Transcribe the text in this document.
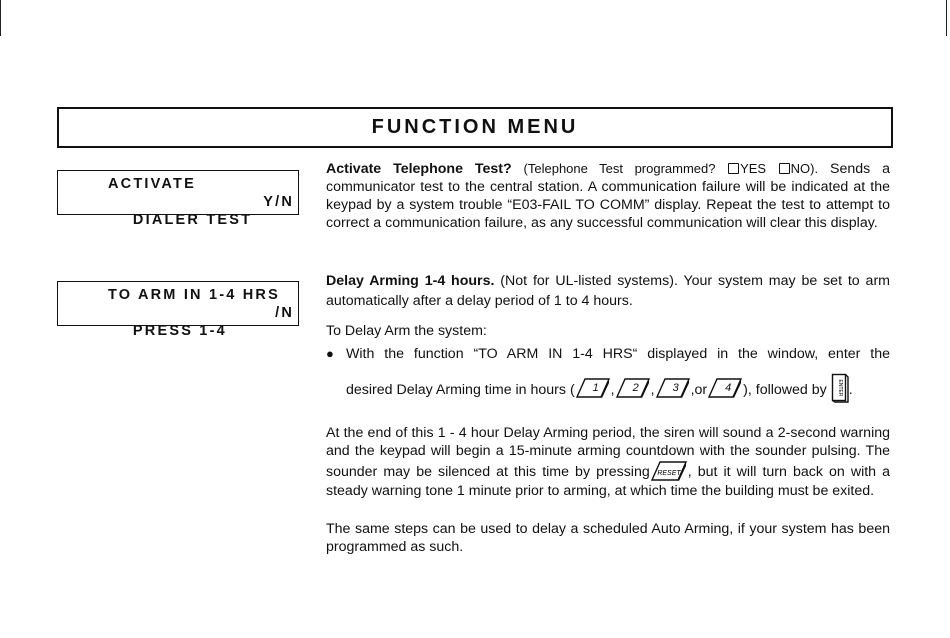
FUNCTION MENU
ACTIVATE

DIALER TEST

Y/N

TO ARM IN 1-4 HRS

PRESS 1-4

/N

Activate Telephone Test? (Telephone Test programmed? YES NO). Sends a communicator test to the central station. A communication failure will be indicated at the keypad by a system trouble “E03-FAIL TO COMM” display. Repeat the test to attempt to correct a communication failure, as any successful communication will clear this display.
Delay Arming 1-4 hours. (Not for UL-listed systems). Your system may be set to arm automatically after a delay period of 1 to 4 hours.
To Delay Arm the system:
● With the function “TO ARM IN 1-4 HRS“ displayed in the window, enter the
desired Delay Arming time in hours ( 1 , 2 , 3 ,or 4 ), followed by ENTER .
At the end of this 1 - 4 hour Delay Arming period, the siren will sound a 2-second warning and the keypad will begin a 15-minute arming countdown with the sounder pulsing. The sounder may be silenced at this time by pressing RESET , but it will turn back on with a steady warning tone 1 minute prior to arming, at which time the building must be exited.
The same steps can be used to delay a scheduled Auto Arming, if your system has been programmed as such.
